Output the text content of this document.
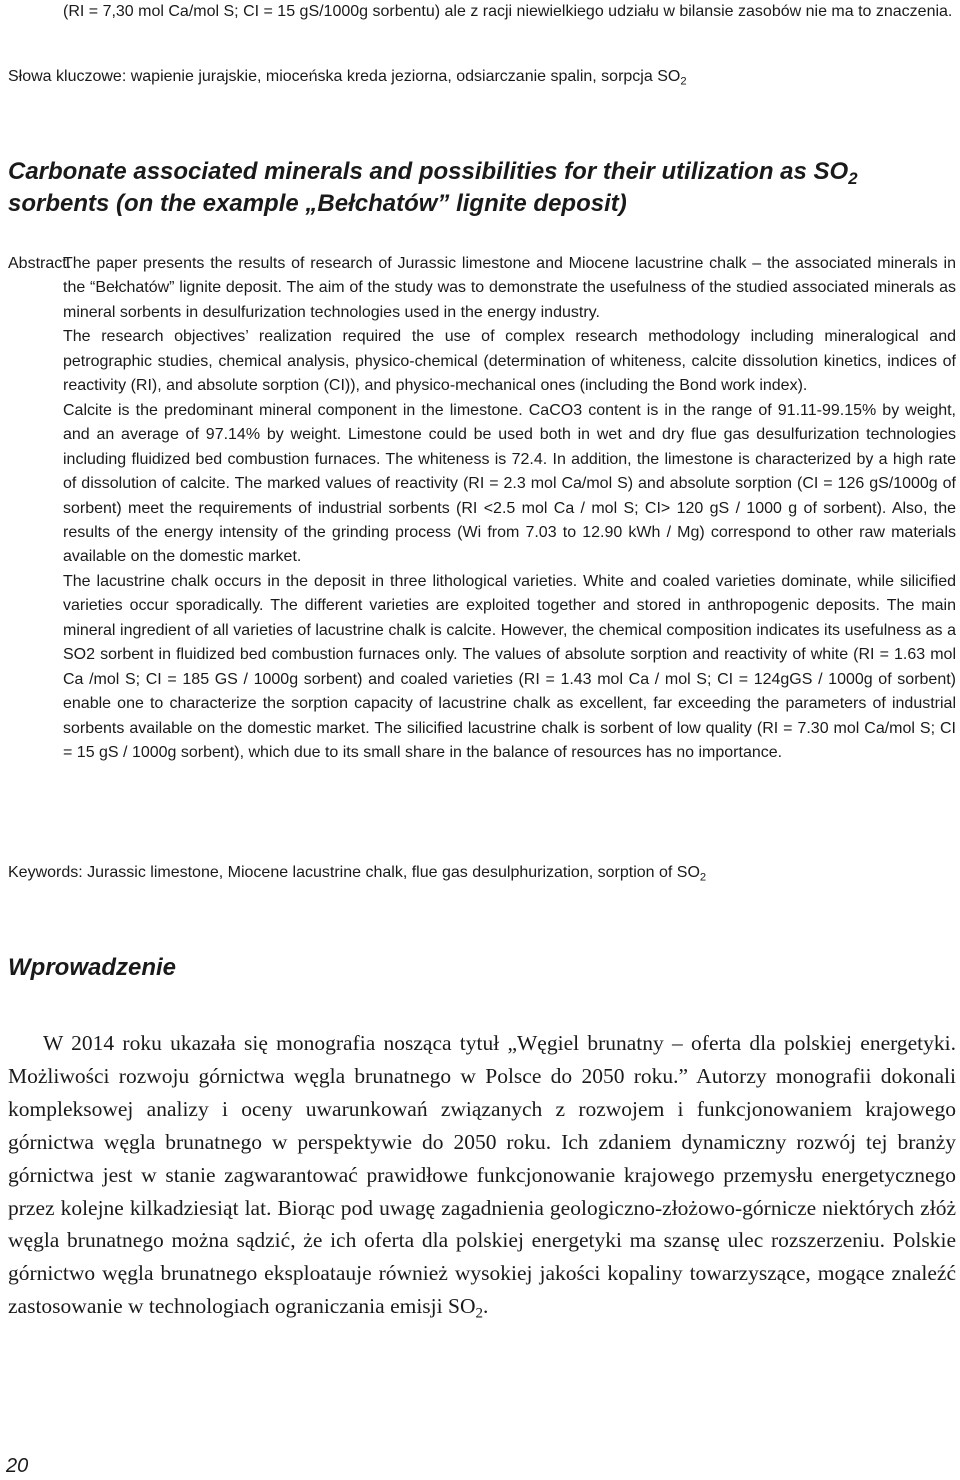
(RI = 7,30 mol Ca/mol S; CI = 15 gS/1000g sorbentu) ale z racji niewielkiego udziału w bilansie zasobów nie ma to znaczenia.
Słowa kluczowe: wapienie jurajskie, mioceńska kreda jeziorna, odsiarczanie spalin, sorpcja $SO_2$
Carbonate associated minerals and possibilities for their utilization as $SO_2$
sorbents (on the example „Bełchatów” lignite deposit)
Abstract.
The paper presents the results of research of Jurassic limestone and Miocene lacustrine chalk – the associated minerals in the “Bełchatów” lignite deposit. The aim of the study was to demonstrate the usefulness of the studied associated minerals as mineral sorbents in desulfurization technologies used in the energy industry.
The research objectives’ realization required the use of complex research methodology including mineralogical and petrographic studies, chemical analysis, physico-chemical (determination of whiteness, calcite dissolution kinetics, indices of reactivity (RI), and absolute sorption (CI)), and physico-mechanical ones (including the Bond work index).
Calcite is the predominant mineral component in the limestone. CaCO3 content is in the range of 91.11-99.15% by weight, and an average of 97.14% by weight. Limestone could be used both in wet and dry flue gas desulfurization technologies including fluidized bed combustion furnaces. The whiteness is 72.4. In addition, the limestone is characterized by a high rate of dissolution of calcite. The marked values of reactivity (RI = 2.3 mol Ca/mol S) and absolute sorption (CI = 126 gS/1000g of sorbent) meet the requirements of industrial sorbents (RI <2.5 mol Ca / mol S; CI> 120 gS / 1000 g of sorbent). Also, the results of the energy intensity of the grinding process (Wi from 7.03 to 12.90 kWh / Mg) correspond to other raw materials available on the domestic market.
The lacustrine chalk occurs in the deposit in three lithological varieties. White and coaled varieties dominate, while silicified varieties occur sporadically. The different varieties are exploited together and stored in anthropogenic deposits. The main mineral ingredient of all varieties of lacustrine chalk is calcite. However, the chemical composition indicates its usefulness as a SO2 sorbent in fluidized bed combustion furnaces only. The values of absolute sorption and reactivity of white (RI = 1.63 mol Ca /mol S; CI = 185 GS / 1000g sorbent) and coaled varieties (RI = 1.43 mol Ca / mol S; CI = 124gGS / 1000g of sorbent) enable one to characterize the sorption capacity of lacustrine chalk as excellent, far exceeding the parameters of industrial sorbents available on the domestic market. The silicified lacustrine chalk is sorbent of low quality (RI = 7.30 mol Ca/mol S; CI = 15 gS / 1000g sorbent), which due to its small share in the balance of resources has no importance.
Keywords: Jurassic limestone, Miocene lacustrine chalk, flue gas desulphurization, sorption of $SO_2$
Wprowadzenie
W 2014 roku ukazała się monografia nosząca tytuł „Węgiel brunatny – oferta dla polskiej energetyki. Możliwości rozwoju górnictwa węgla brunatnego w Polsce do 2050 roku.” Autorzy monografii dokonali kompleksowej analizy i oceny uwarunkowań związanych z rozwojem i funkcjonowaniem krajowego górnictwa węgla brunatnego w perspektywie do 2050 roku. Ich zdaniem dynamiczny rozwój tej branży górnictwa jest w stanie zagwarantować prawidłowe funkcjonowanie krajowego przemysłu energetycznego przez kolejne kilkadziesiąt lat. Biorąc pod uwagę zagadnienia geologiczno-złożowo-górnicze niektórych złóż węgla brunatnego można sądzić, że ich oferta dla polskiej energetyki ma szansę ulec rozszerzeniu. Polskie górnictwo węgla brunatnego eksploatauje również wysokiej jakości kopaliny towarzyszące, mogące znaleźć zastosowanie w technologiach ograniczania emisji $SO_2$.
20
